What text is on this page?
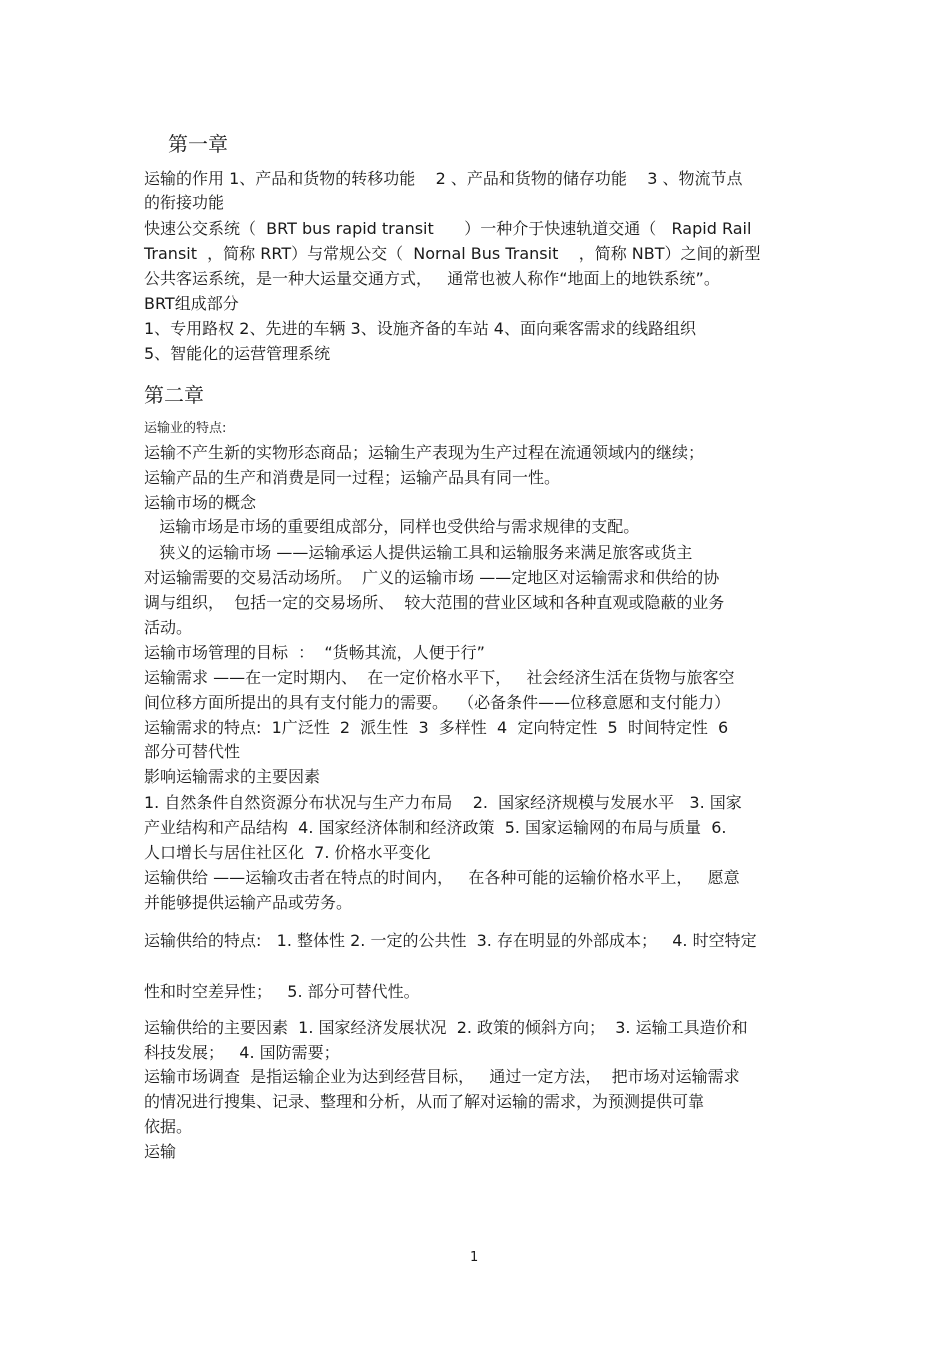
第一章
运输的作用 1、产品和货物的转移功能    2 、产品和货物的储存功能    3 、物流节点
的衔接功能
快速公交系统（  BRT bus rapid transit      ）一种介于快速轨道交通（   Rapid Rail
Transit  ，简称 RRT）与常规公交（  Nornal Bus Transit    ，简称 NBT）之间的新型
公共客运系统，是一种大运量交通方式，   通常也被人称作“地面上的地铁系统”。
BRT组成部分
1、专用路权 2、先进的车辆 3、设施齐备的车站 4、面向乘客需求的线路组织
5、智能化的运营管理系统
第二章
运输业的特点:
运输不产生新的实物形态商品；运输生产表现为生产过程在流通领域内的继续；
运输产品的生产和消费是同一过程；运输产品具有同一性。
运输市场的概念
运输市场是市场的重要组成部分，同样也受供给与需求规律的支配。
狭义的运输市场 ——运输承运人提供运输工具和运输服务来满足旅客或货主
对运输需要的交易活动场所。  广义的运输市场 ——定地区对运输需求和供给的协
调与组织，  包括一定的交易场所、  较大范围的营业区域和各种直观或隐蔽的业务
活动。
运输市场管理的目标  ：  “货畅其流，人便于行”
运输需求 ——在一定时期内、  在一定价格水平下，   社会经济生活在货物与旅客空
间位移方面所提出的具有支付能力的需要。  （必备条件——位移意愿和支付能力）
运输需求的特点:  1广泛性  2  派生性  3  多样性  4  定向特定性  5  时间特定性  6
部分可替代性
影响运输需求的主要因素
1. 自然条件自然资源分布状况与生产力布局    2.  国家经济规模与发展水平   3. 国家
产业结构和产品结构  4. 国家经济体制和经济政策  5. 国家运输网的布局与质量  6.
人口增长与居住社区化  7. 价格水平变化
运输供给 ——运输攻击者在特点的时间内，   在各种可能的运输价格水平上，   愿意
并能够提供运输产品或劳务。
运输供给的特点:   1. 整体性 2. 一定的公共性  3. 存在明显的外部成本；   4. 时空特定
性和时空差异性；   5. 部分可替代性。
运输供给的主要因素  1. 国家经济发展状况  2. 政策的倾斜方向；  3. 运输工具造价和
科技发展；   4. 国防需要；
运输市场调查  是指运输企业为达到经营目标，   通过一定方法，  把市场对运输需求
的情况进行搜集、记录、整理和分析，从而了解对运输的需求，为预测提供可靠
依据。
运输
1
